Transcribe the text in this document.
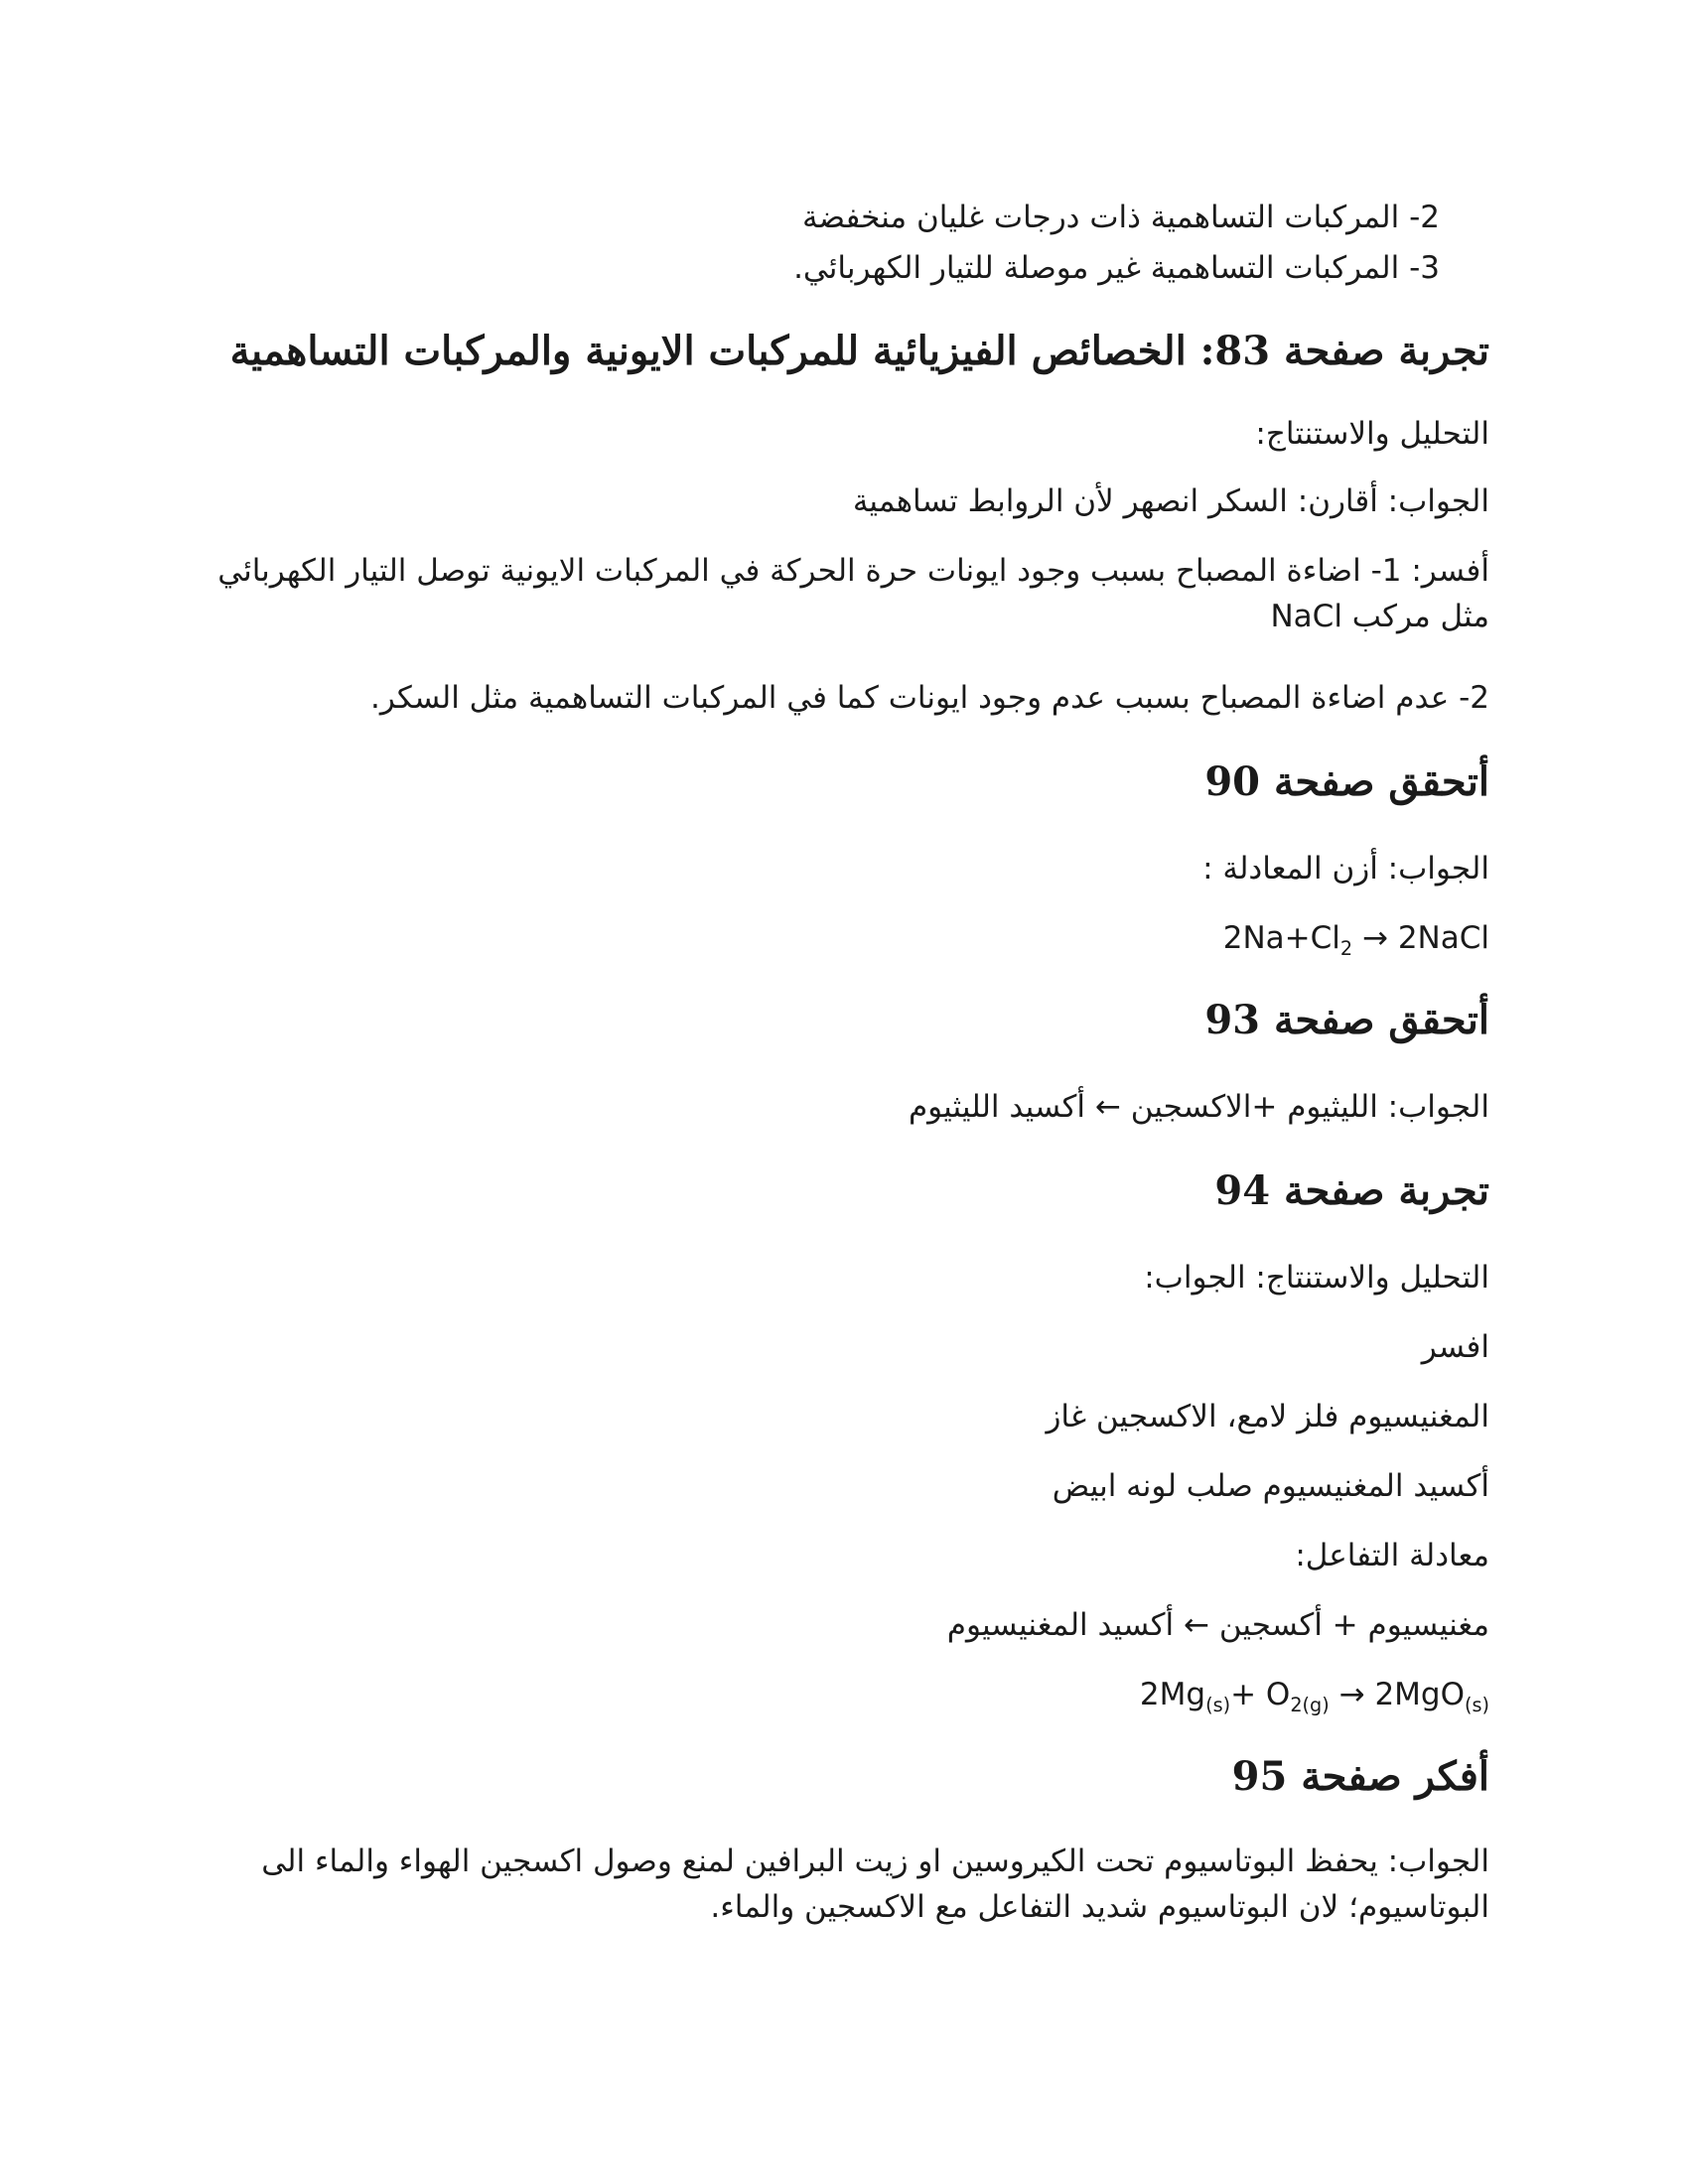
2- المركبات التساهمية ذات درجات غليان منخفضة
3- المركبات التساهمية غير موصلة للتيار الكهربائي.
تجربة صفحة 83: الخصائص الفيزيائية للمركبات الايونية والمركبات التساهمية
التحليل والاستنتاج:
الجواب: أقارن: السكر انصهر لأن الروابط تساهمية
أفسر: 1- اضاءة المصباح بسبب وجود ايونات حرة الحركة في المركبات الايونية توصل التيار الكهربائي مثل مركب NaCl
2- عدم اضاءة المصباح بسبب عدم وجود ايونات كما في المركبات التساهمية مثل السكر.
أتحقق صفحة 90
الجواب: أزن المعادلة :
$2Na+Cl_2$ → 2NaCl
أتحقق صفحة 93
الجواب: الليثيوم +الاكسجين ← أكسيد الليثيوم
تجربة صفحة 94
التحليل والاستنتاج: الجواب:
افسر
المغنيسيوم فلز لامع، الاكسجين غاز
أكسيد المغنيسيوم صلب لونه ابيض
معادلة التفاعل:
مغنيسيوم + أكسجين ← أكسيد المغنيسيوم
$2Mg_{(s)}+ O_{2(g)} \to 2MgO_{(s)}$
أفكر صفحة 95
الجواب: يحفظ البوتاسيوم تحت الكيروسين او زيت البرافين لمنع وصول اكسجين الهواء والماء الى البوتاسيوم؛ لان البوتاسيوم شديد التفاعل مع الاكسجين والماء.
